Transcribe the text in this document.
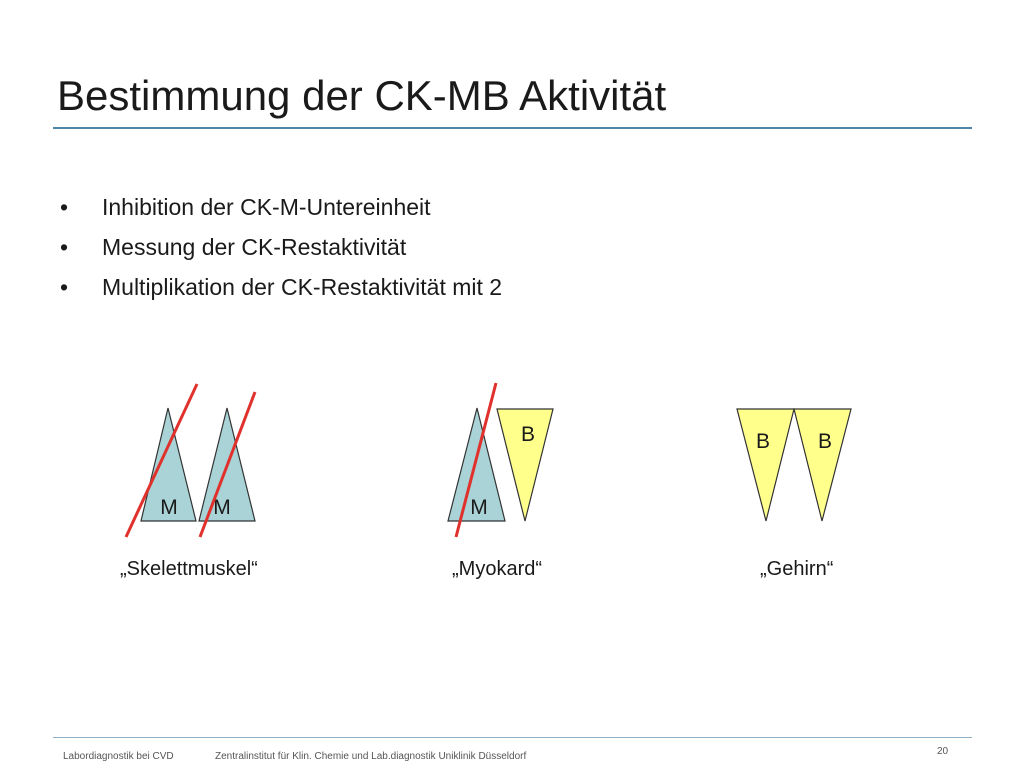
Bestimmung der CK-MB Aktivität
•	Inhibition der CK-M-Untereinheit
•	Messung der CK-Restaktivität
•	Multiplikation der CK-Restaktivität mit 2
M M	M
B	B B
„Skelettmuskel“	„Myokard“	„Gehirn“
Labordiagnostik bei CVD	Zentralinstitut für Klin. Chemie und Lab.diagnostik Uniklinik Düsseldorf	20
